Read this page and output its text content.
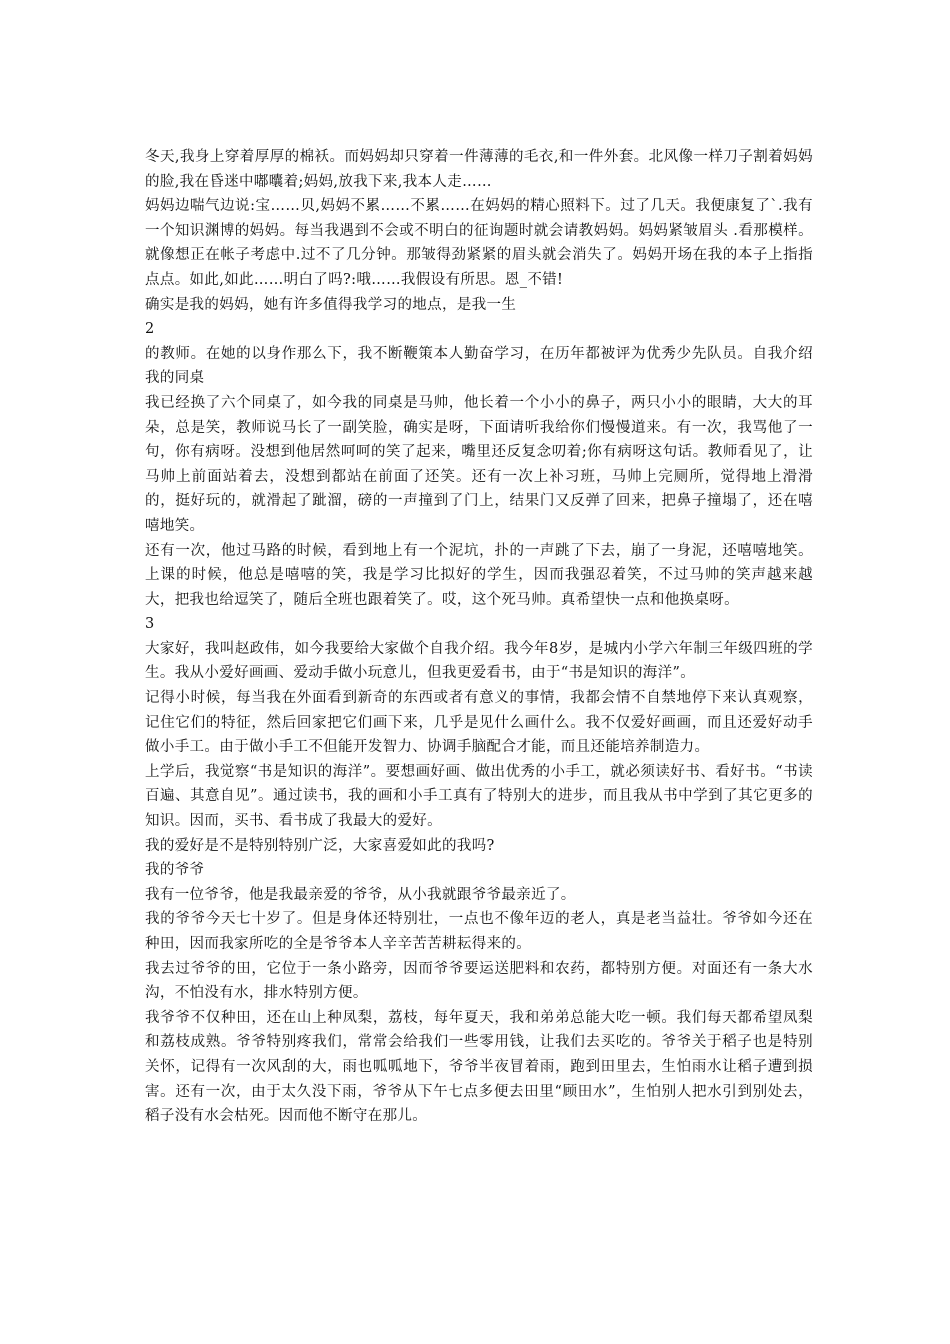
冬天,我身上穿着厚厚的棉袄。而妈妈却只穿着一件薄薄的毛衣,和一件外套。北风像一样刀子割着妈妈的脸,我在昏迷中嘟囔着;妈妈,放我下来,我本人走……

妈妈边喘气边说:宝……贝,妈妈不累……不累……在妈妈的精心照料下。过了几天。我便康复了`.我有一个知识渊博的妈妈。每当我遇到不会或不明白的征询题时就会请教妈妈。妈妈紧皱眉头 .看那模样。就像想正在帐子考虑中.过不了几分钟。那皱得劲紧紧的眉头就会消失了。妈妈开场在我的本子上指指点点。如此,如此……明白了吗?:哦……我假设有所思。恩_不错!

确实是我的妈妈，她有许多值得我学习的地点，是我一生

2

的教师。在她的以身作那么下，我不断鞭策本人勤奋学习，在历年都被评为优秀少先队员。自我介绍 我的同桌

我已经换了六个同桌了，如今我的同桌是马帅，他长着一个小小的鼻子，两只小小的眼睛，大大的耳朵，总是笑，教师说马长了一副笑脸，确实是呀，下面请听我给你们慢慢道来。有一次，我骂他了一句，你有病呀。没想到他居然呵呵的笑了起来，嘴里还反复念叨着;你有病呀这句话。教师看见了，让马帅上前面站着去，没想到都站在前面了还笑。还有一次上补习班，马帅上完厕所，觉得地上滑滑的，挺好玩的，就滑起了跐溜，磅的一声撞到了门上，结果门又反弹了回来，把鼻子撞塌了，还在嘻嘻地笑。

还有一次，他过马路的时候，看到地上有一个泥坑，扑的一声跳了下去，崩了一身泥，还嘻嘻地笑。上课的时候，他总是嘻嘻的笑，我是学习比拟好的学生，因而我强忍着笑，不过马帅的笑声越来越大，把我也给逗笑了，随后全班也跟着笑了。哎，这个死马帅。真希望快一点和他换桌呀。

3

大家好，我叫赵政伟，如今我要给大家做个自我介绍。我今年8岁，是城内小学六年制三年级四班的学生。我从小爱好画画、爱动手做小玩意儿，但我更爱看书，由于“书是知识的海洋”。

记得小时候，每当我在外面看到新奇的东西或者有意义的事情，我都会情不自禁地停下来认真观察，记住它们的特征，然后回家把它们画下来，几乎是见什么画什么。我不仅爱好画画，而且还爱好动手做小手工。由于做小手工不但能开发智力、协调手脑配合才能，而且还能培养制造力。

上学后，我觉察“书是知识的海洋”。要想画好画、做出优秀的小手工，就必须读好书、看好书。“书读百遍、其意自见”。通过读书，我的画和小手工真有了特别大的进步，而且我从书中学到了其它更多的知识。因而，买书、看书成了我最大的爱好。

我的爱好是不是特别特别广泛，大家喜爱如此的我吗?

我的爷爷

我有一位爷爷，他是我最亲爱的爷爷，从小我就跟爷爷最亲近了。

我的爷爷今天七十岁了。但是身体还特别壮，一点也不像年迈的老人，真是老当益壮。爷爷如今还在种田，因而我家所吃的全是爷爷本人辛辛苦苦耕耘得来的。

我去过爷爷的田，它位于一条小路旁，因而爷爷要运送肥料和农药，都特别方便。对面还有一条大水沟，不怕没有水，排水特别方便。

我爷爷不仅种田，还在山上种凤梨，荔枝，每年夏天，我和弟弟总能大吃一顿。我们每天都希望凤梨和荔枝成熟。爷爷特别疼我们，常常会给我们一些零用钱，让我们去买吃的。爷爷关于稻子也是特别关怀，记得有一次风刮的大，雨也呱呱地下，爷爷半夜冒着雨，跑到田里去，生怕雨水让稻子遭到损害。还有一次，由于太久没下雨，爷爷从下午七点多便去田里“顾田水”，生怕别人把水引到别处去，稻子没有水会枯死。因而他不断守在那儿。
